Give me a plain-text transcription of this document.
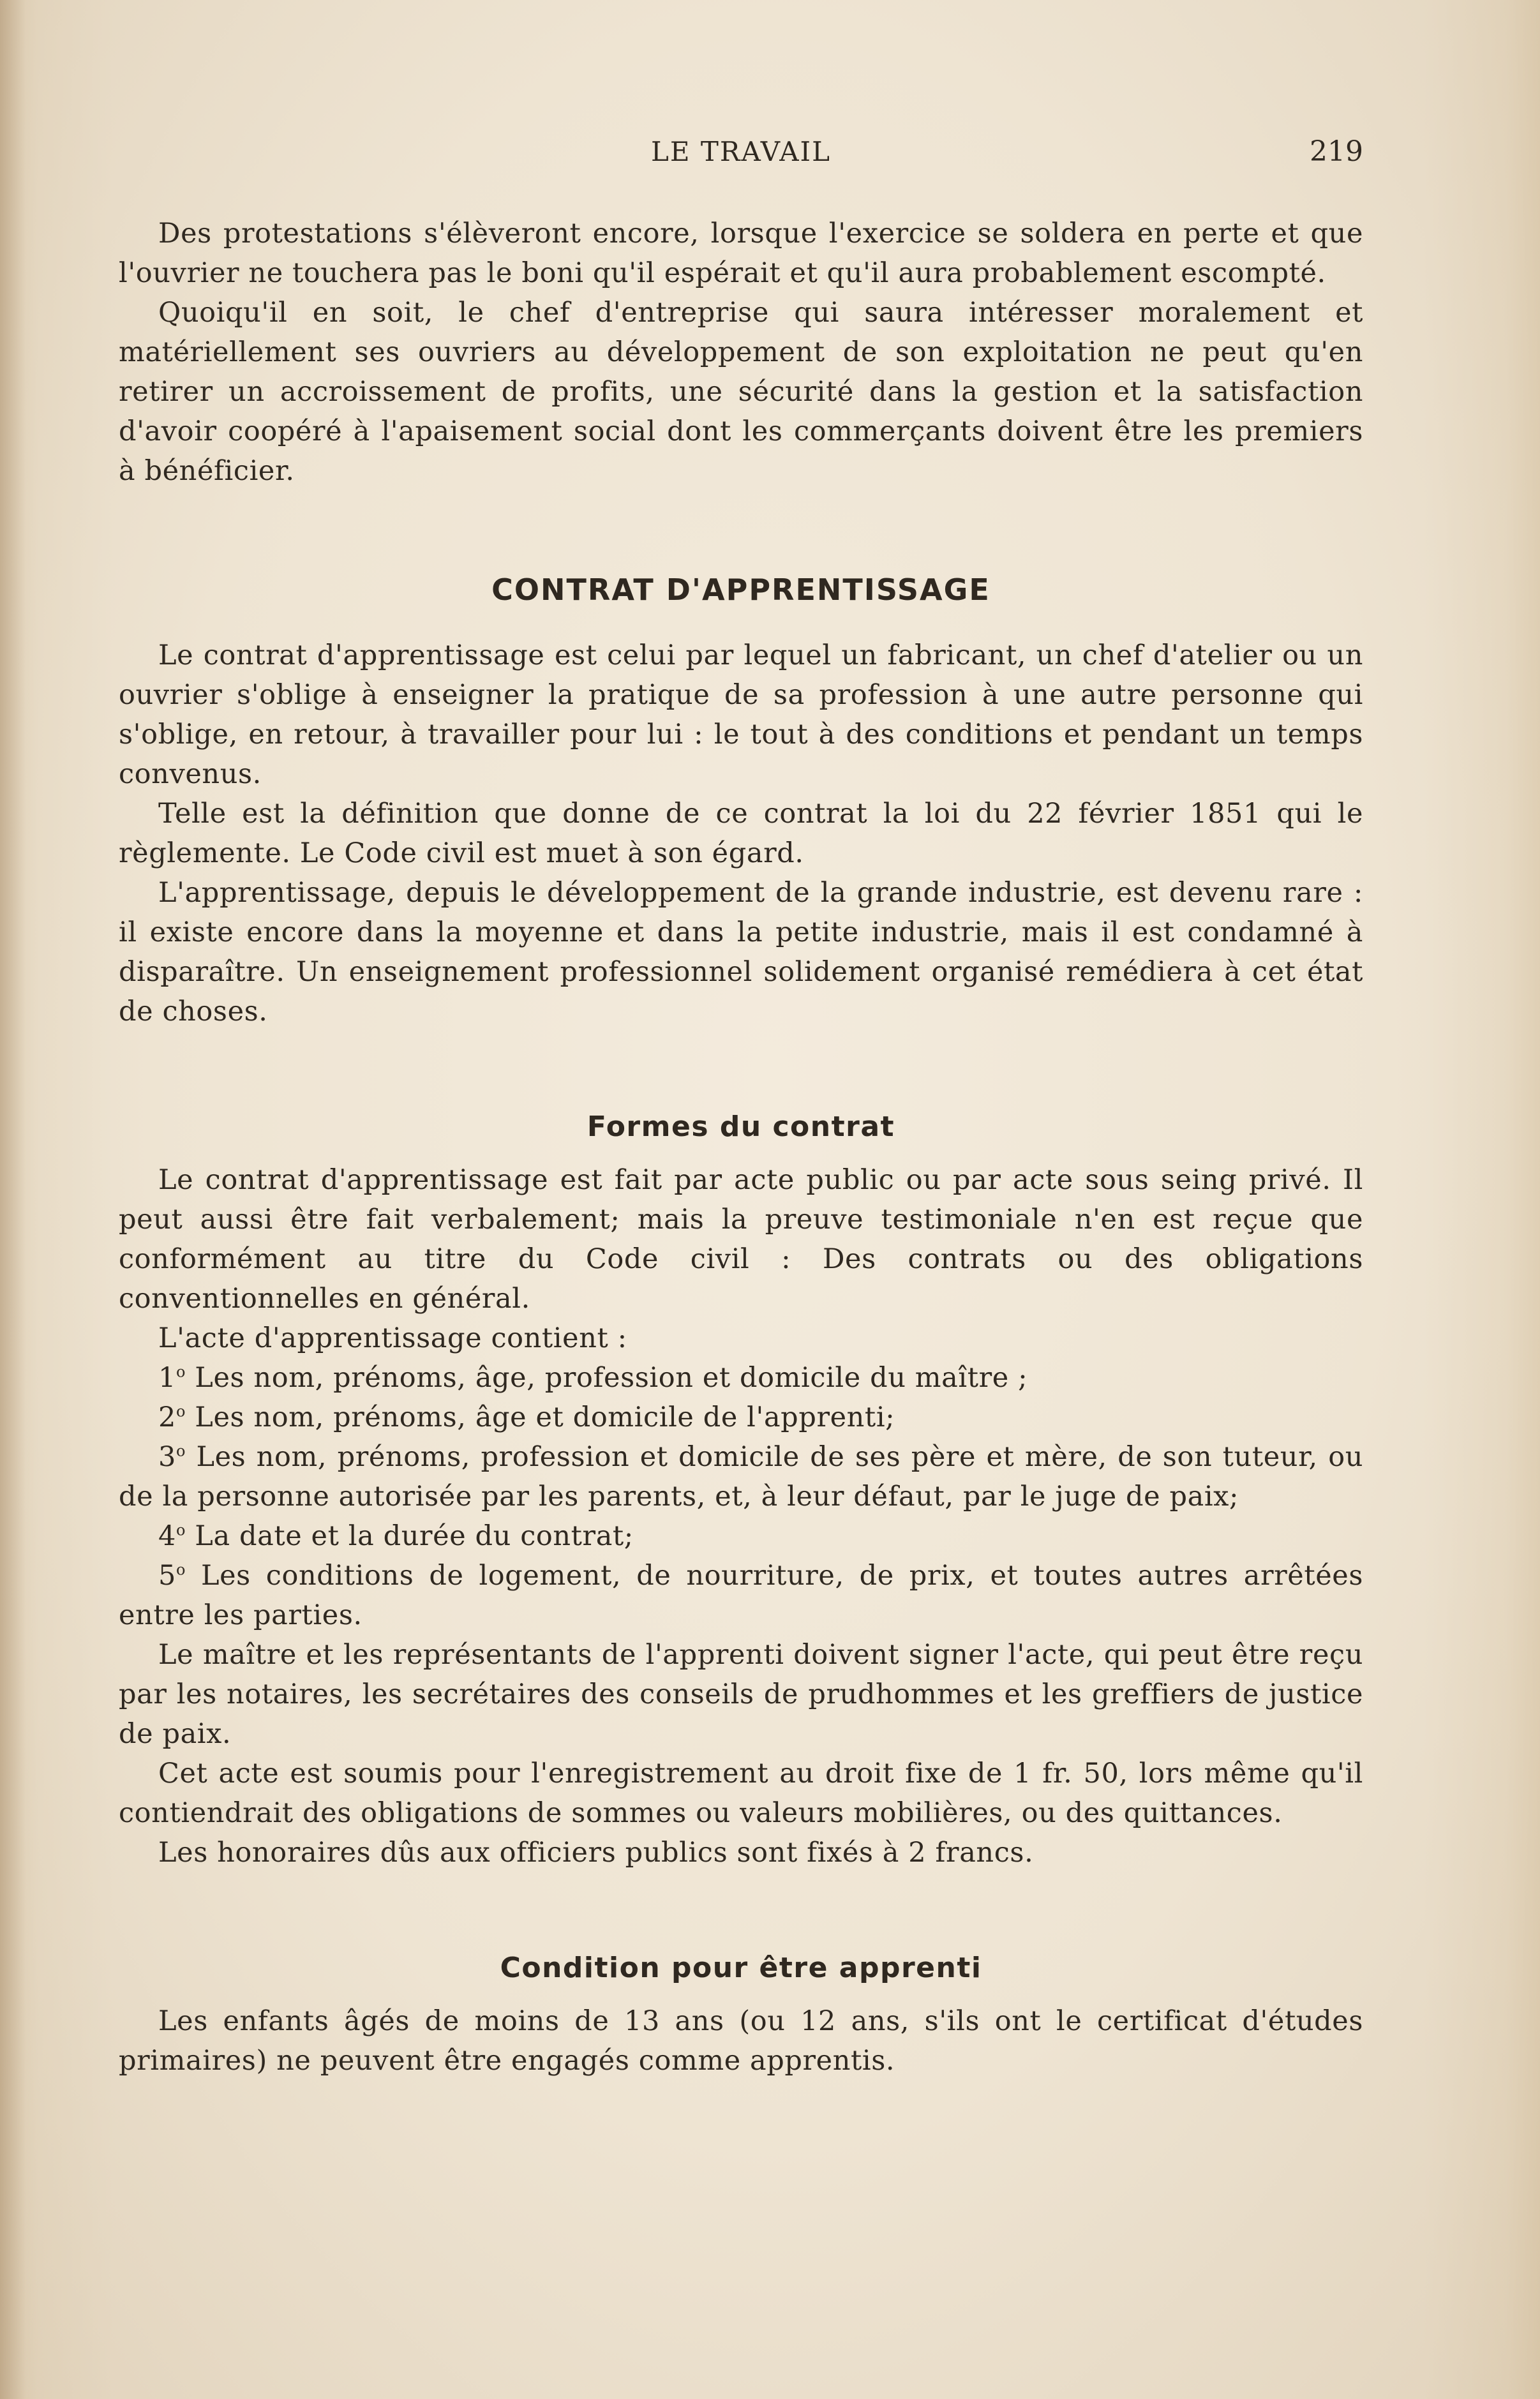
LE TRAVAIL	219

Des protestations s'élèveront encore, lorsque l'exercice se soldera en perte et que l'ouvrier ne touchera pas le boni qu'il espérait et qu'il aura probablement escompté.

Quoiqu'il en soit, le chef d'entreprise qui saura intéresser moralement et matériellement ses ouvriers au développement de son exploitation ne peut qu'en retirer un accroissement de profits, une sécurité dans la gestion et la satisfaction d'avoir coopéré à l'apaisement social dont les commerçants doivent être les premiers à bénéficier.

CONTRAT D'APPRENTISSAGE

Le contrat d'apprentissage est celui par lequel un fabricant, un chef d'atelier ou un ouvrier s'oblige à enseigner la pratique de sa profession à une autre personne qui s'oblige, en retour, à travailler pour lui : le tout à des conditions et pendant un temps convenus.

Telle est la définition que donne de ce contrat la loi du 22 février 1851 qui le règlemente. Le Code civil est muet à son égard.

L'apprentissage, depuis le développement de la grande industrie, est devenu rare : il existe encore dans la moyenne et dans la petite industrie, mais il est condamné à disparaître. Un enseignement professionnel solidement organisé remédiera à cet état de choses.

Formes du contrat

Le contrat d'apprentissage est fait par acte public ou par acte sous seing privé. Il peut aussi être fait verbalement; mais la preuve testimoniale n'en est reçue que conformément au titre du Code civil : Des contrats ou des obligations conventionnelles en général.

L'acte d'apprentissage contient :

1$^o$ Les nom, prénoms, âge, profession et domicile du maître ;

2$^o$ Les nom, prénoms, âge et domicile de l'apprenti;

3$^o$ Les nom, prénoms, profession et domicile de ses père et mère, de son tuteur, ou de la personne autorisée par les parents, et, à leur défaut, par le juge de paix;

4$^o$ La date et la durée du contrat;

5$^o$ Les conditions de logement, de nourriture, de prix, et toutes autres arrêtées entre les parties.

Le maître et les représentants de l'apprenti doivent signer l'acte, qui peut être reçu par les notaires, les secrétaires des conseils de prudhommes et les greffiers de justice de paix.

Cet acte est soumis pour l'enregistrement au droit fixe de 1 fr. 50, lors même qu'il contiendrait des obligations de sommes ou valeurs mobilières, ou des quittances.

Les honoraires dûs aux officiers publics sont fixés à 2 francs.

Condition pour être apprenti

Les enfants âgés de moins de 13 ans (ou 12 ans, s'ils ont le certificat d'études primaires) ne peuvent être engagés comme apprentis.
